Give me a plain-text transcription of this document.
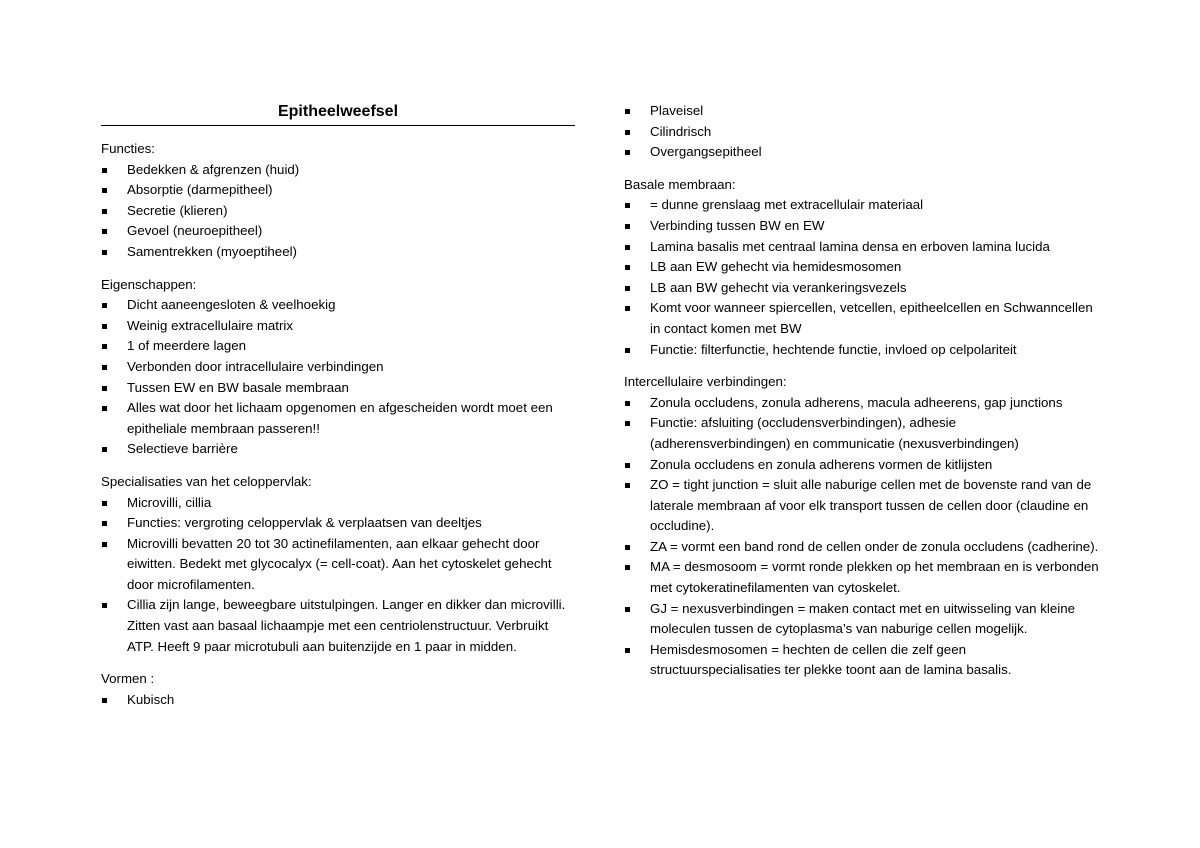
Epitheelweefsel
Functies:
Bedekken & afgrenzen (huid)
Absorptie (darmepitheel)
Secretie (klieren)
Gevoel (neuroepitheel)
Samentrekken (myoeptiheel)
Eigenschappen:
Dicht aaneengesloten & veelhoekig
Weinig extracellulaire matrix
1 of meerdere lagen
Verbonden door intracellulaire verbindingen
Tussen EW en BW basale membraan
Alles wat door het lichaam opgenomen en afgescheiden wordt moet een epitheliale membraan passeren!!
Selectieve barrière
Specialisaties van het celoppervlak:
Microvilli, cillia
Functies: vergroting celoppervlak & verplaatsen van deeltjes
Microvilli bevatten 20 tot 30 actinefilamenten, aan elkaar gehecht door eiwitten. Bedekt met glycocalyx (= cell-coat). Aan het cytoskelet gehecht door microfilamenten.
Cillia zijn lange, beweegbare uitstulpingen. Langer en dikker dan microvilli. Zitten vast aan basaal lichaampje met een centriolenstructuur. Verbruikt ATP. Heeft 9 paar microtubuli aan buitenzijde en 1 paar in midden.
Vormen :
Kubisch
Plaveisel
Cilindrisch
Overgangsepitheel
Basale membraan:
= dunne grenslaag met extracellulair materiaal
Verbinding tussen BW en EW
Lamina basalis met centraal lamina densa en erboven lamina lucida
LB aan EW gehecht via hemidesmosomen
LB aan BW gehecht via verankeringsvezels
Komt voor wanneer spiercellen, vetcellen, epitheelcellen en Schwanncellen in contact komen met BW
Functie: filterfunctie, hechtende functie, invloed op celpolariteit
Intercellulaire verbindingen:
Zonula occludens, zonula adherens, macula adheerens, gap junctions
Functie: afsluiting (occludensverbindingen), adhesie (adherensverbindingen) en communicatie (nexusverbindingen)
Zonula occludens en zonula adherens vormen de kitlijsten
ZO = tight junction = sluit alle naburige cellen met de bovenste rand van de laterale membraan af voor elk transport tussen de cellen door (claudine en occludine).
ZA = vormt een band rond de cellen onder de zonula occludens (cadherine).
MA = desmosoom = vormt ronde plekken op het membraan en is verbonden met cytokeratinefilamenten van cytoskelet.
GJ = nexusverbindingen = maken contact met en uitwisseling van kleine moleculen tussen de cytoplasma’s van naburige cellen mogelijk.
Hemisdesmosomen = hechten de cellen die zelf geen structuurspecialisaties ter plekke toont aan de lamina basalis.
